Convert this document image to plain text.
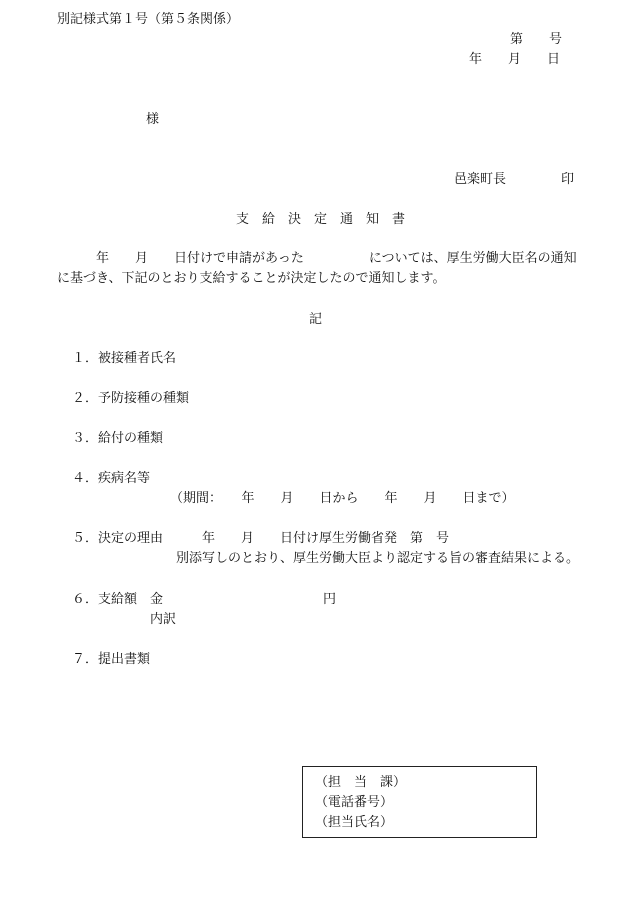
別記様式第１号（第５条関係）
第　　号
年　　月　　日
様
邑楽町長	印
支　給　決　定　通　知　書
年　　月　　日付けで申請があった　　　　　については、厚生労働大臣名の通知
に基づき、下記のとおり支給することが決定したので通知します。
記
１．被接種者氏名
２．予防接種の種類
３．給付の種類
４．疾病名等
（期間：　　年　　月　　日から　　年　　月　　日まで）
５．決定の理由　　　年　　月　　日付け厚生労働省発　第　号
別添写しのとおり、厚生労働大臣より認定する旨の審査結果による。
６．支給額　金	円
内訳
７．提出書類
（担　当　課）
（電話番号）
（担当氏名）
